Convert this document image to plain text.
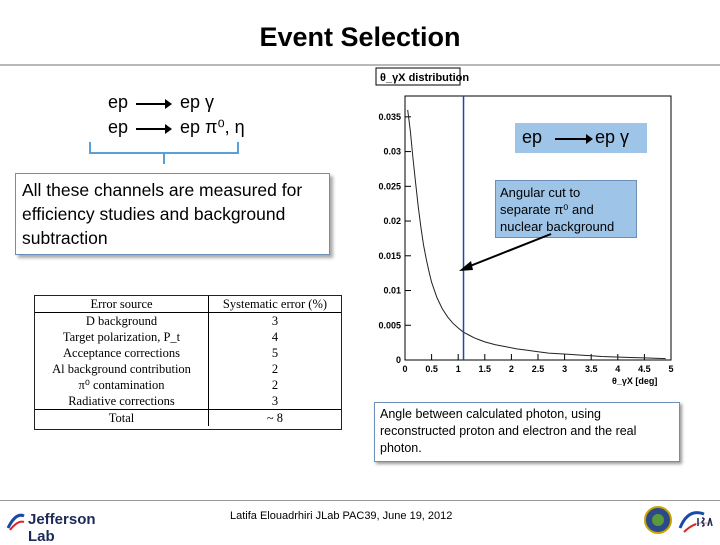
Event Selection
ep → ep γ
ep → ep π⁰, η
All these channels are measured for efficiency studies and background subtraction
Error source	Systematic error (%)
D background	3
Target polarization, P_t	4
Acceptance corrections	5
Al background contribution	2
π⁰ contamination	2
Radiative corrections	3
Total	~ 8
θ_γX distribution
0
0.005
0.01
0.015
0.02
0.025
0.03
0.035
0 0.5 1 1.5 2 2.5 3 3.5 4 4.5 5
θ_γX [deg]
ep	ep γ
Angular cut to separate π⁰ and nuclear background
Angle between calculated photon, using reconstructed proton and electron and the real photon.
Latifa Elouadrhiri JLab PAC39, June 19, 2012
Jefferson Lab
